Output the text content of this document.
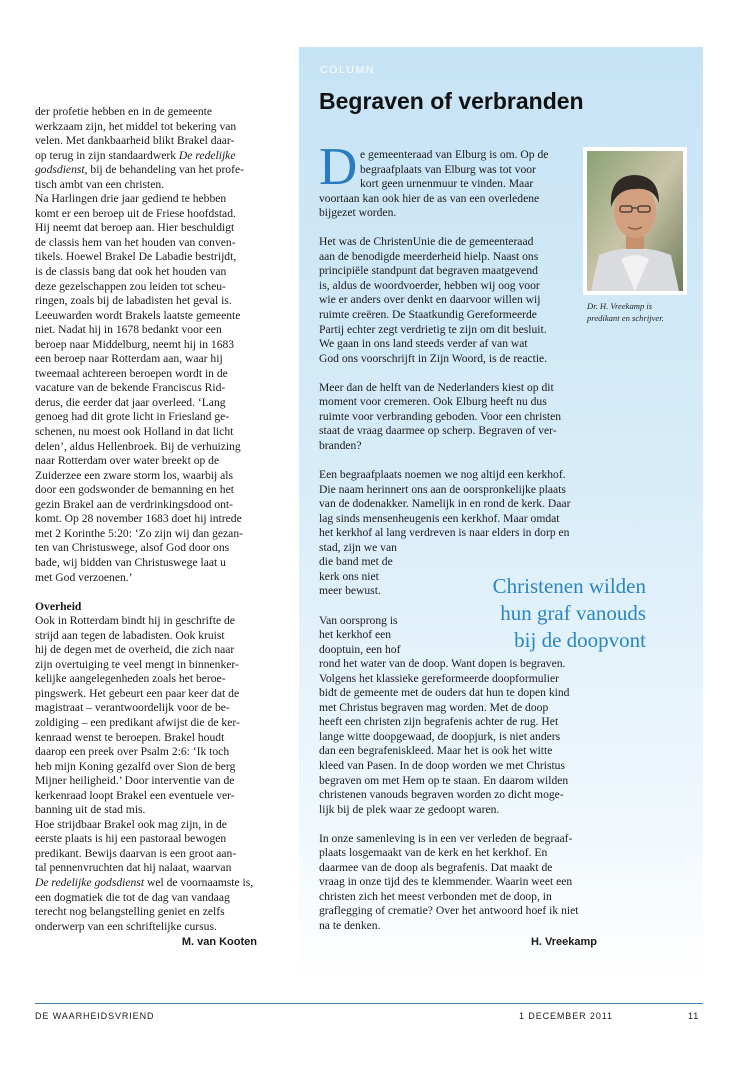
der profetie hebben en in de gemeente

werkzaam zijn, het middel tot bekering van

velen. Met dankbaarheid blikt Brakel daar-

op terug in zijn standaardwerk De redelijke

godsdienst, bij de behandeling van het profe-

tisch ambt van een christen.

Na Harlingen drie jaar gediend te hebben

komt er een beroep uit de Friese hoofdstad.

Hij neemt dat beroep aan. Hier beschuldigt

de classis hem van het houden van conven-

tikels. Hoewel Brakel De Labadie bestrijdt,

is de classis bang dat ook het houden van

deze gezelschappen zou leiden tot scheu-

ringen, zoals bij de labadisten het geval is.

Leeuwarden wordt Brakels laatste gemeente

niet. Nadat hij in 1678 bedankt voor een

beroep naar Middelburg, neemt hij in 1683

een beroep naar Rotterdam aan, waar hij

tweemaal achtereen beroepen wordt in de

vacature van de bekende Franciscus Rid-

derus, die eerder dat jaar overleed. ‘Lang

genoeg had dit grote licht in Friesland ge-

schenen, nu moest ook Holland in dat licht

delen’, aldus Hellenbroek. Bij de verhuizing

naar Rotterdam over water breekt op de

Zuiderzee een zware storm los, waarbij als

door een godswonder de bemanning en het

gezin Brakel aan de verdrinkingsdood ont-

komt. Op 28 november 1683 doet hij intrede

met 2 Korinthe 5:20: ‘Zo zijn wij dan gezan-

ten van Christuswege, alsof God door ons

bade, wij bidden van Christuswege laat u

met God verzoenen.’

Overheid

Ook in Rotterdam bindt hij in geschrifte de

strijd aan tegen de labadisten. Ook kruist

hij de degen met de overheid, die zich naar

zijn overtuiging te veel mengt in binnenker-

kelijke aangelegenheden zoals het beroe-

pingswerk. Het gebeurt een paar keer dat de

magistraat – verantwoordelijk voor de be-

zoldiging – een predikant afwijst die de ker-

kenraad wenst te beroepen. Brakel houdt

daarop een preek over Psalm 2:6: ‘Ik toch

heb mijn Koning gezalfd over Sion de berg

Mijner heiligheid.’ Door interventie van de

kerkenraad loopt Brakel een eventuele ver-

banning uit de stad mis.

Hoe strijdbaar Brakel ook mag zijn, in de

eerste plaats is hij een pastoraal bewogen

predikant. Bewijs daarvan is een groot aan-

tal pennenvruchten dat hij nalaat, waarvan

De redelijke godsdienst wel de voornaamste is,

een dogmatiek die tot de dag van vandaag

terecht nog belangstelling geniet en zelfs

onderwerp van een schriftelijke cursus.

M. van Kooten

COLUMN
Begraven of verbranden
Dr. H. Vreekamp is
predikant en schrijver.
D e gemeenteraad van Elburg is om. Op de

begraafplaats van Elburg was tot voor

kort geen urnenmuur te vinden. Maar

voortaan kan ook hier de as van een overledene

bijgezet worden.

Het was de ChristenUnie die de gemeenteraad

aan de benodigde meerderheid hielp. Naast ons

principiële standpunt dat begraven maatgevend

is, aldus de woordvoerder, hebben wij oog voor

wie er anders over denkt en daarvoor willen wij

ruimte creëren. De Staatkundig Gereformeerde

Partij echter zegt verdrietig te zijn om dit besluit.

We gaan in ons land steeds verder af van wat

God ons voorschrijft in Zijn Woord, is de reactie.

Meer dan de helft van de Nederlanders kiest op dit

moment voor cremeren. Ook Elburg heeft nu dus

ruimte voor verbranding geboden. Voor een christen

staat de vraag daarmee op scherp. Begraven of ver-

branden?

Een begraafplaats noemen we nog altijd een kerkhof.

Die naam herinnert ons aan de oorspronkelijke plaats

van de dodenakker. Namelijk in en rond de kerk. Daar

lag sinds mensenheugenis een kerkhof. Maar omdat

het kerkhof al lang verdreven is naar elders in dorp en

stad, zijn we van

die band met de

kerk ons niet

meer bewust.

Van oorsprong is

het kerkhof een

dooptuin, een hof

rond het water van de doop. Want dopen is begraven.

Volgens het klassieke gereformeerde doopformulier

bidt de gemeente met de ouders dat hun te dopen kind

met Christus begraven mag worden. Met de doop

heeft een christen zijn begrafenis achter de rug. Het

lange witte doopgewaad, de doopjurk, is niet anders

dan een begrafeniskleed. Maar het is ook het witte

kleed van Pasen. In de doop worden we met Christus

begraven om met Hem op te staan. En daarom wilden

christenen vanouds begraven worden zo dicht moge-

lijk bij de plek waar ze gedoopt waren.

In onze samenleving is in een ver verleden de begraaf-

plaats losgemaakt van de kerk en het kerkhof. En

daarmee van de doop als begrafenis. Dat maakt de

vraag in onze tijd des te klemmender. Waarin weet een

christen zich het meest verbonden met de doop, in

graflegging of crematie? Over het antwoord hoef ik niet

na te denken.

H. Vreekamp

Christenen wilden
hun graf vanouds
bij de doopvont
DE WAARHEIDSVRIEND	1 DECEMBER 2011	11
